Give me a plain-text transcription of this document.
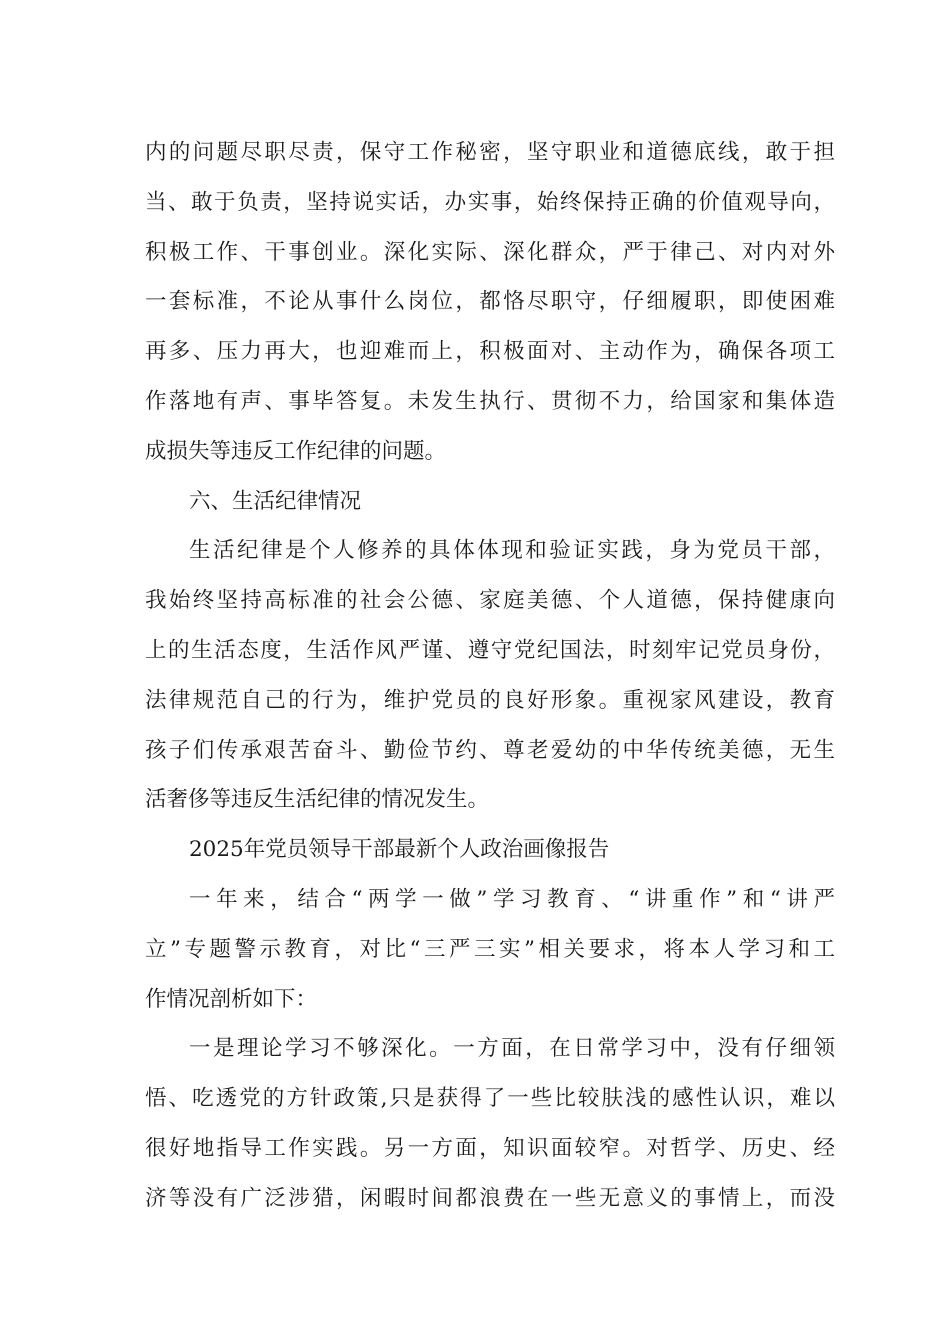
内的问题尽职尽责，保守工作秘密，坚守职业和道德底线，敢于担
当、敢于负责，坚持说实话，办实事，始终保持正确的价值观导向，
积极工作、干事创业。深化实际、深化群众，严于律己、对内对外
一套标准，不论从事什么岗位，都恪尽职守，仔细履职，即使困难
再多、压力再大，也迎难而上，积极面对、主动作为，确保各项工
作落地有声、事毕答复。未发生执行、贯彻不力，给国家和集体造
成损失等违反工作纪律的问题。
六、生活纪律情况
生活纪律是个人修养的具体体现和验证实践，身为党员干部，
我始终坚持高标准的社会公德、家庭美德、个人道德，保持健康向
上的生活态度，生活作风严谨、遵守党纪国法，时刻牢记党员身份，
法律规范自己的行为，维护党员的良好形象。重视家风建设，教育
孩子们传承艰苦奋斗、勤俭节约、尊老爱幼的中华传统美德，无生
活奢侈等违反生活纪律的情况发生。
2025年党员领导干部最新个人政治画像报告
一年来，结合“两学一做”学习教育、“讲重作”和“讲严
立”专题警示教育，对比“三严三实”相关要求，将本人学习和工
作情况剖析如下：
一是理论学习不够深化。一方面，在日常学习中，没有仔细领
悟、吃透党的方针政策,只是获得了一些比较肤浅的感性认识，难以
很好地指导工作实践。另一方面，知识面较窄。对哲学、历史、经
济等没有广泛涉猎，闲暇时间都浪费在一些无意义的事情上，而没
